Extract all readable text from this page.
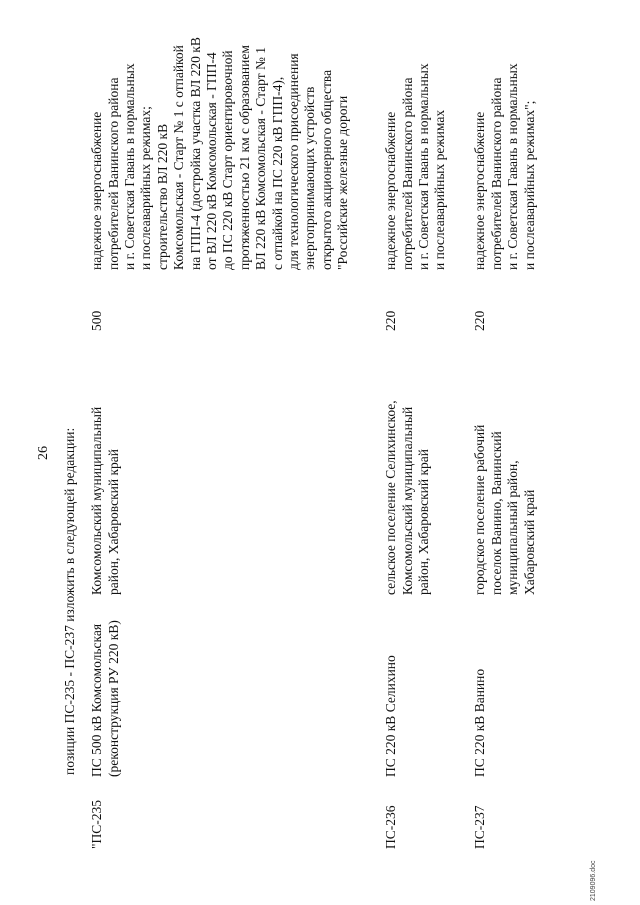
26 позиции ПС-235 - ПС-237 изложить в следующей редакции:
"ПС-235
ПС 500 кВ Комсомольская (реконструкция РУ 220 кВ)
Комсомольский муниципальный район, Хабаровский край
500
надежное энергоснабжение потребителей Ванинского района и г. Советская Гавань в нормальных и послеаварийных режимах; строительство ВЛ 220 кВ Комсомольская - Старт № 1 с отпайкой на ГПП-4 (достройка участка ВЛ 220 кВ от ВЛ 220 кВ Комсомольская - ГПП-4 до ПС 220 кВ Старт ориентировочной протяженностью 21 км с образованием ВЛ 220 кВ Комсомольская - Старт № 1 с отпайкой на ПС 220 кВ ГПП-4), для технологического присоединения энергопринимающих устройств открытого акционерного общества "Российские железные дороги
ПС-236
ПС 220 кВ Селихино
сельское поселение Селихинское, Комсомольский муниципальный район, Хабаровский край
220
надежное энергоснабжение потребителей Ванинского района и г. Советская Гавань в нормальных и послеаварийных режимах
ПС-237
ПС 220 кВ Ванино
городское поселение рабочий поселок Ванино, Ванинский муниципальный район, Хабаровский край
220
надежное энергоснабжение потребителей Ванинского района и г. Советская Гавань в нормальных и послеаварийных режимах";
2109096.doc
